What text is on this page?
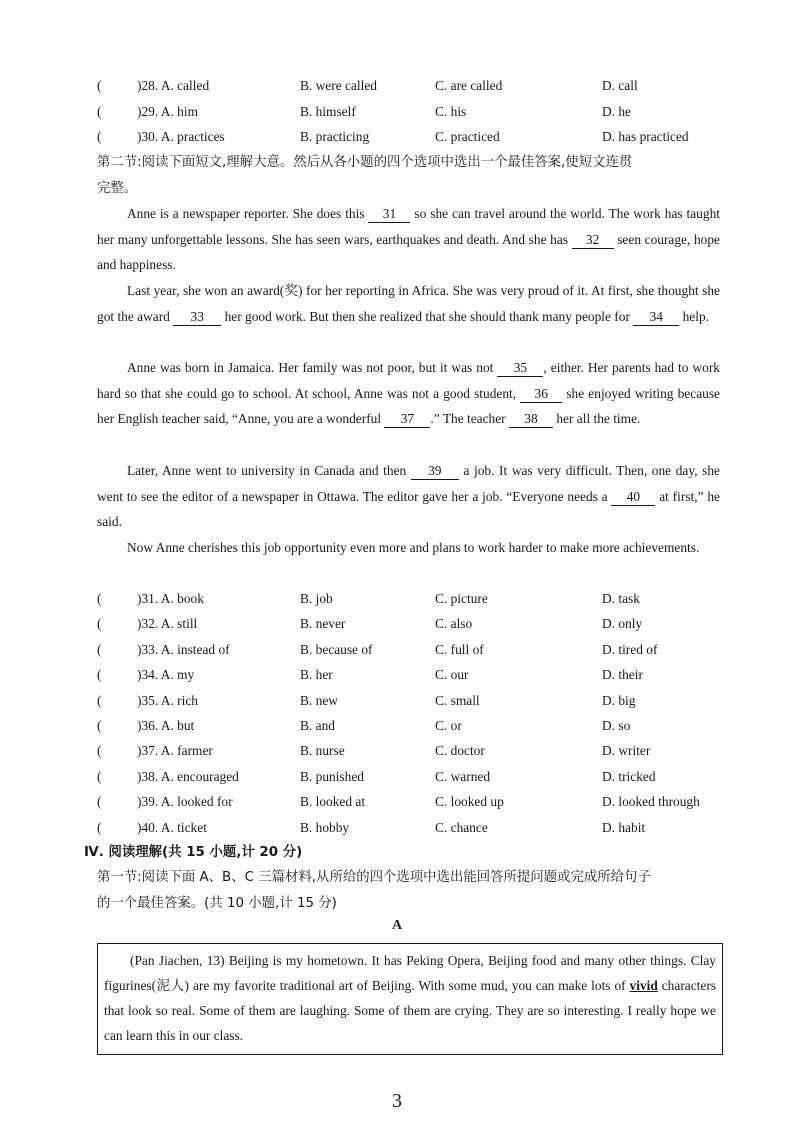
(	)28. A. called	B. were called	C. are called	D. call
(	)29. A. him	B. himself	C. his	D. he
(	)30. A. practices	B. practicing	C. practiced	D. has practiced
第二节:阅读下面短文,理解大意。然后从各小题的四个选项中选出一个最佳答案,使短文连贯
完整。
Anne is a newspaper reporter. She does this 31 so she can travel around the world. The work has taught her many unforgettable lessons. She has seen wars, earthquakes and death. And she has 32 seen courage, hope and happiness.
Last year, she won an award(奖) for her reporting in Africa. She was very proud of it. At first, she thought she got the award 33 her good work. But then she realized that she should thank many people for 34 help.
Anne was born in Jamaica. Her family was not poor, but it was not 35 , either. Her parents had to work hard so that she could go to school. At school, Anne was not a good student, 36 she enjoyed writing because her English teacher said, “Anne, you are a wonderful 37 .” The teacher 38 her all the time.
Later, Anne went to university in Canada and then 39 a job. It was very difficult. Then, one day, she went to see the editor of a newspaper in Ottawa. The editor gave her a job. “Everyone needs a 40 at first,” he said.
Now Anne cherishes this job opportunity even more and plans to work harder to make more achievements.
(	)31. A. book	B. job	C. picture	D. task
(	)32. A. still	B. never	C. also	D. only
(	)33. A. instead of	B. because of	C. full of	D. tired of
(	)34. A. my	B. her	C. our	D. their
(	)35. A. rich	B. new	C. small	D. big
(	)36. A. but	B. and	C. or	D. so
(	)37. A. farmer	B. nurse	C. doctor	D. writer
(	)38. A. encouraged	B. punished	C. warned	D. tricked
(	)39. A. looked for	B. looked at	C. looked up	D. looked through
(	)40. A. ticket	B. hobby	C. chance	D. habit
Ⅳ. 阅读理解(共 15 小题,计 20 分)
第一节:阅读下面 A、B、C 三篇材料,从所给的四个选项中选出能回答所提问题或完成所给句子
的一个最佳答案。(共 10 小题,计 15 分)
A
(Pan Jiachen, 13) Beijing is my hometown. It has Peking Opera, Beijing food and many other things. Clay figurines(泥人) are my favorite traditional art of Beijing. With some mud, you can make lots of vivid characters that look so real. Some of them are laughing. Some of them are crying. They are so interesting. I really hope we can learn this in our class.
3
